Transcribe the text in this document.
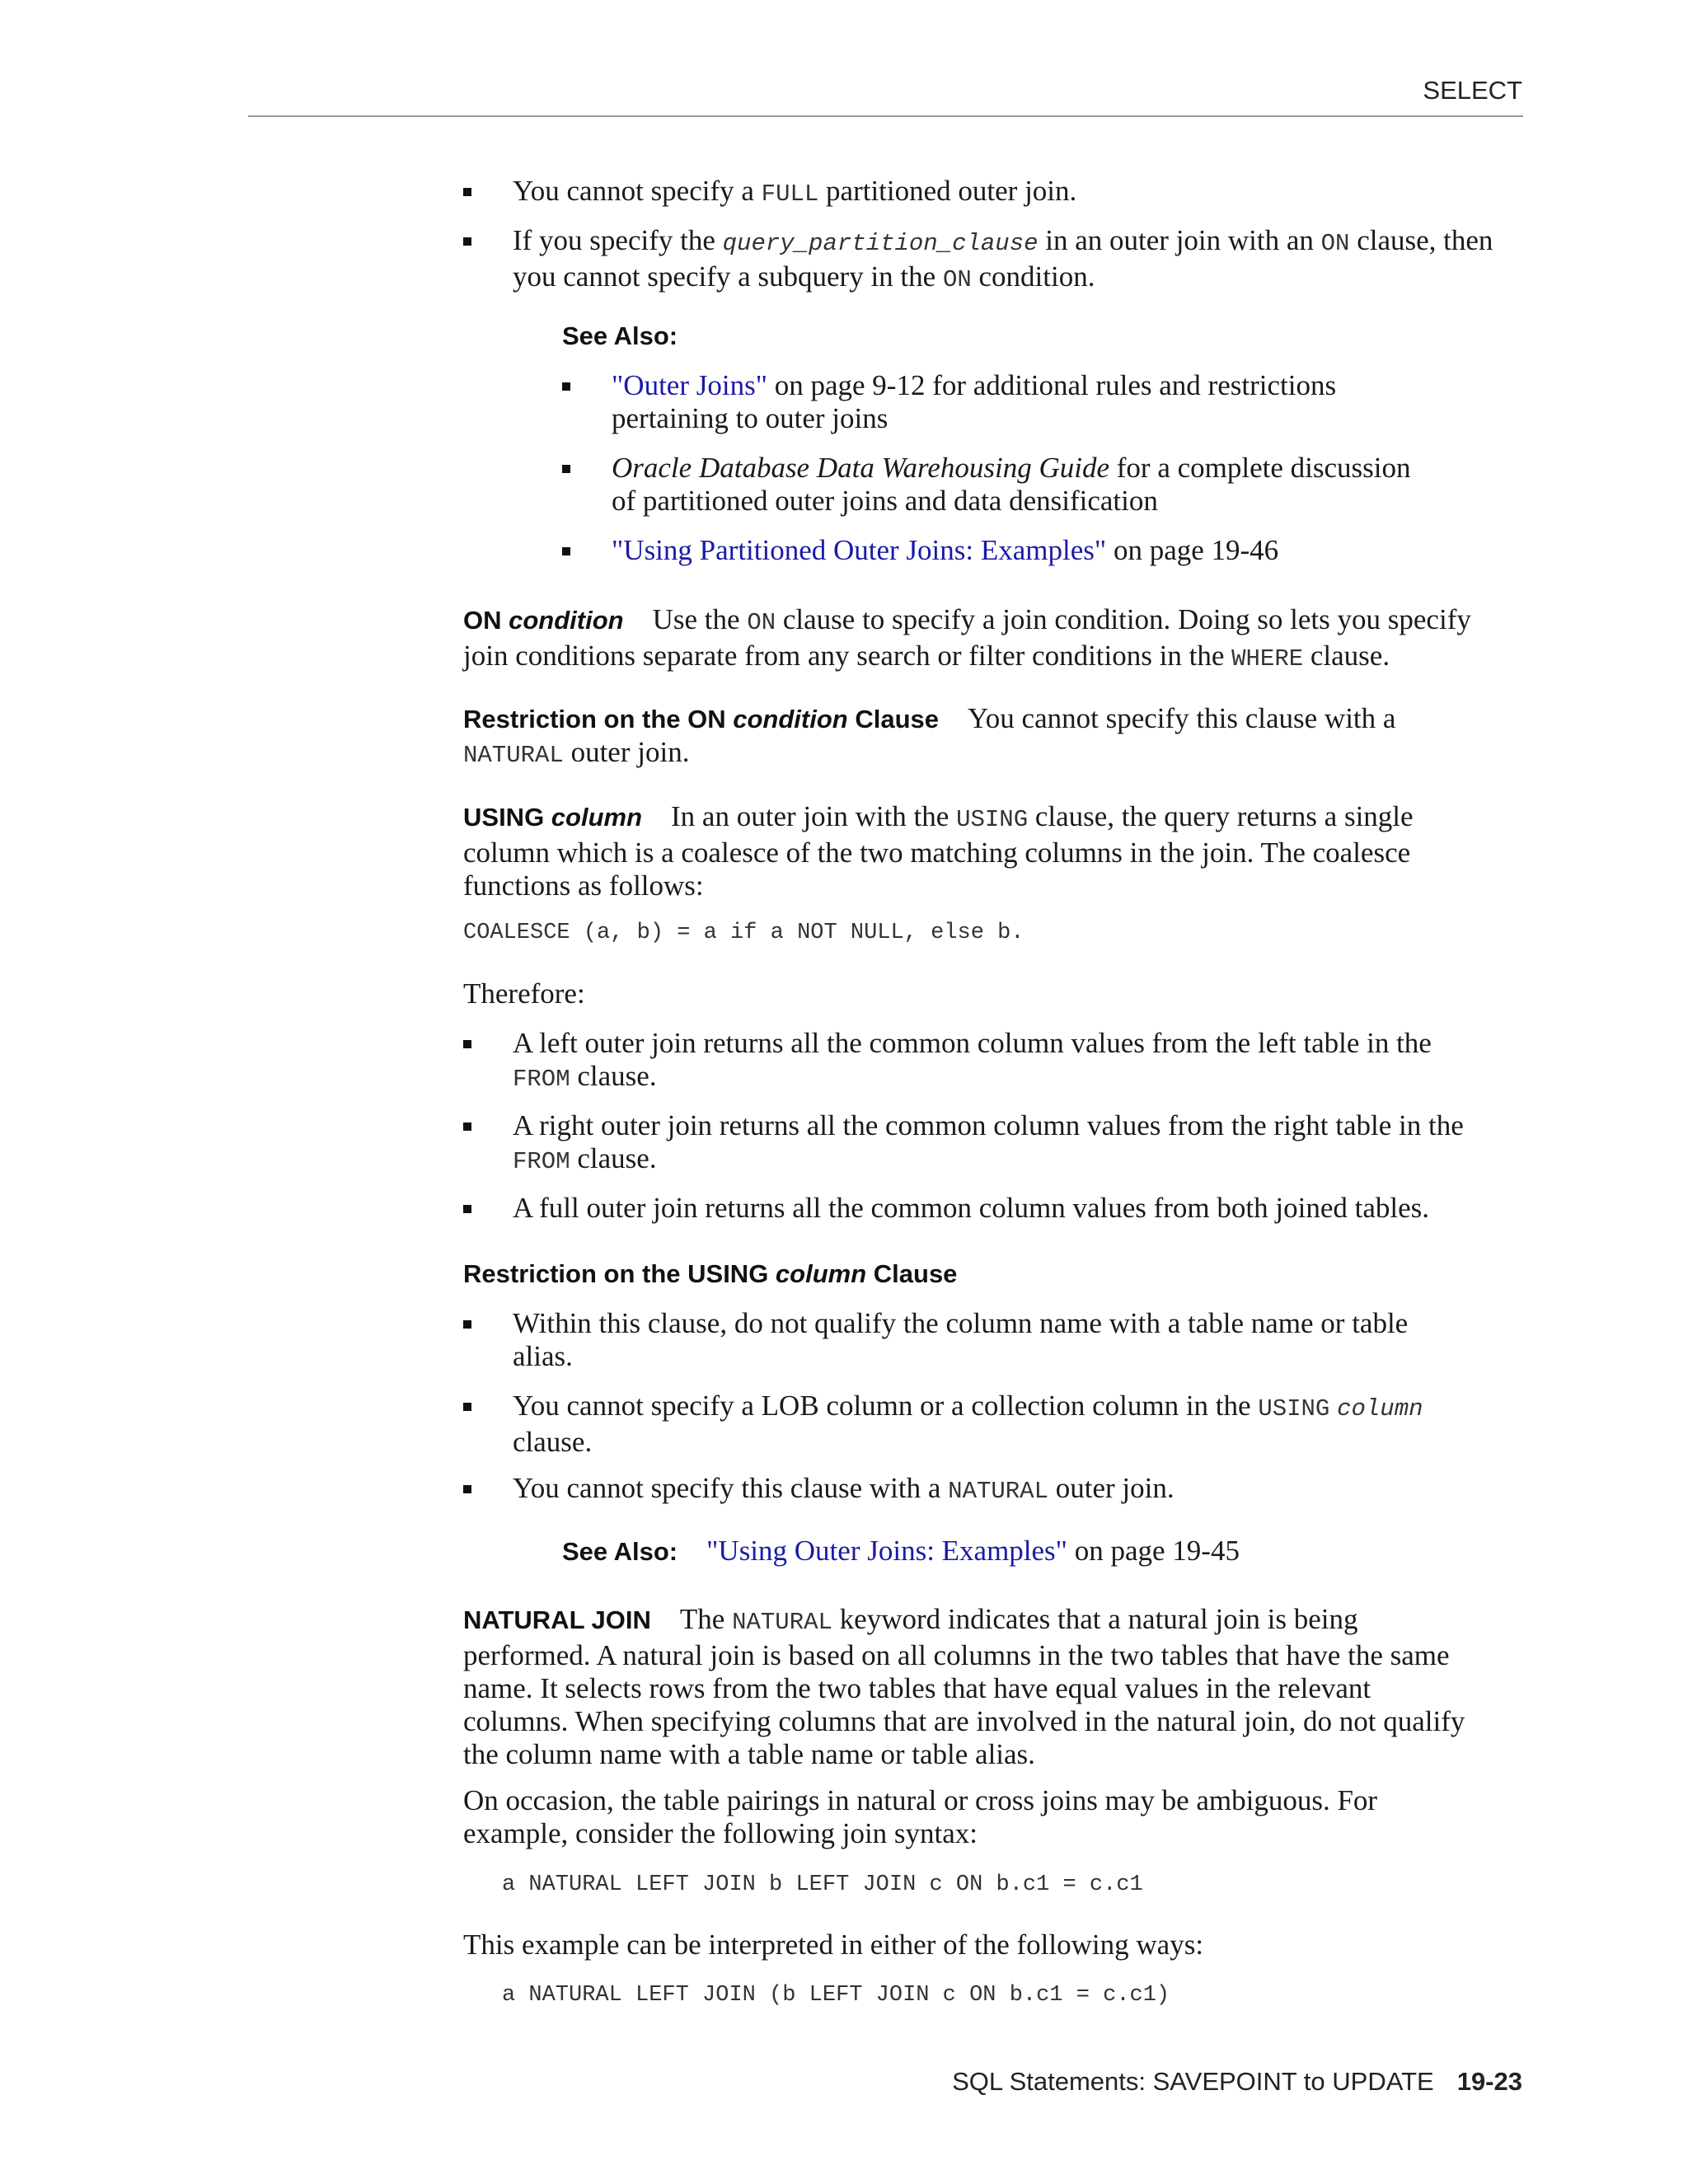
SELECT
You cannot specify a FULL partitioned outer join.
If you specify the query_partition_clause in an outer join with an ON clause, then
you cannot specify a subquery in the ON condition.
See Also:
"Outer Joins" on page 9-12 for additional rules and restrictions
pertaining to outer joins
Oracle Database Data Warehousing Guide for a complete discussion
of partitioned outer joins and data densification
"Using Partitioned Outer Joins: Examples" on page 19-46
ON condition Use the ON clause to specify a join condition. Doing so lets you specify
join conditions separate from any search or filter conditions in the WHERE clause.
Restriction on the ON condition Clause You cannot specify this clause with a
NATURAL outer join.
USING column In an outer join with the USING clause, the query returns a single
column which is a coalesce of the two matching columns in the join. The coalesce
functions as follows:
COALESCE (a, b) = a if a NOT NULL, else b.
Therefore:
A left outer join returns all the common column values from the left table in the
FROM clause.
A right outer join returns all the common column values from the right table in the
FROM clause.
A full outer join returns all the common column values from both joined tables.
Restriction on the USING column Clause
Within this clause, do not qualify the column name with a table name or table
alias.
You cannot specify a LOB column or a collection column in the USING column
clause.
You cannot specify this clause with a NATURAL outer join.
See Also: "Using Outer Joins: Examples" on page 19-45
NATURAL JOIN The NATURAL keyword indicates that a natural join is being
performed. A natural join is based on all columns in the two tables that have the same
name. It selects rows from the two tables that have equal values in the relevant
columns. When specifying columns that are involved in the natural join, do not qualify
the column name with a table name or table alias.
On occasion, the table pairings in natural or cross joins may be ambiguous. For
example, consider the following join syntax:
a NATURAL LEFT JOIN b LEFT JOIN c ON b.c1 = c.c1
This example can be interpreted in either of the following ways:
a NATURAL LEFT JOIN (b LEFT JOIN c ON b.c1 = c.c1)
SQL Statements: SAVEPOINT to UPDATE 19-23
